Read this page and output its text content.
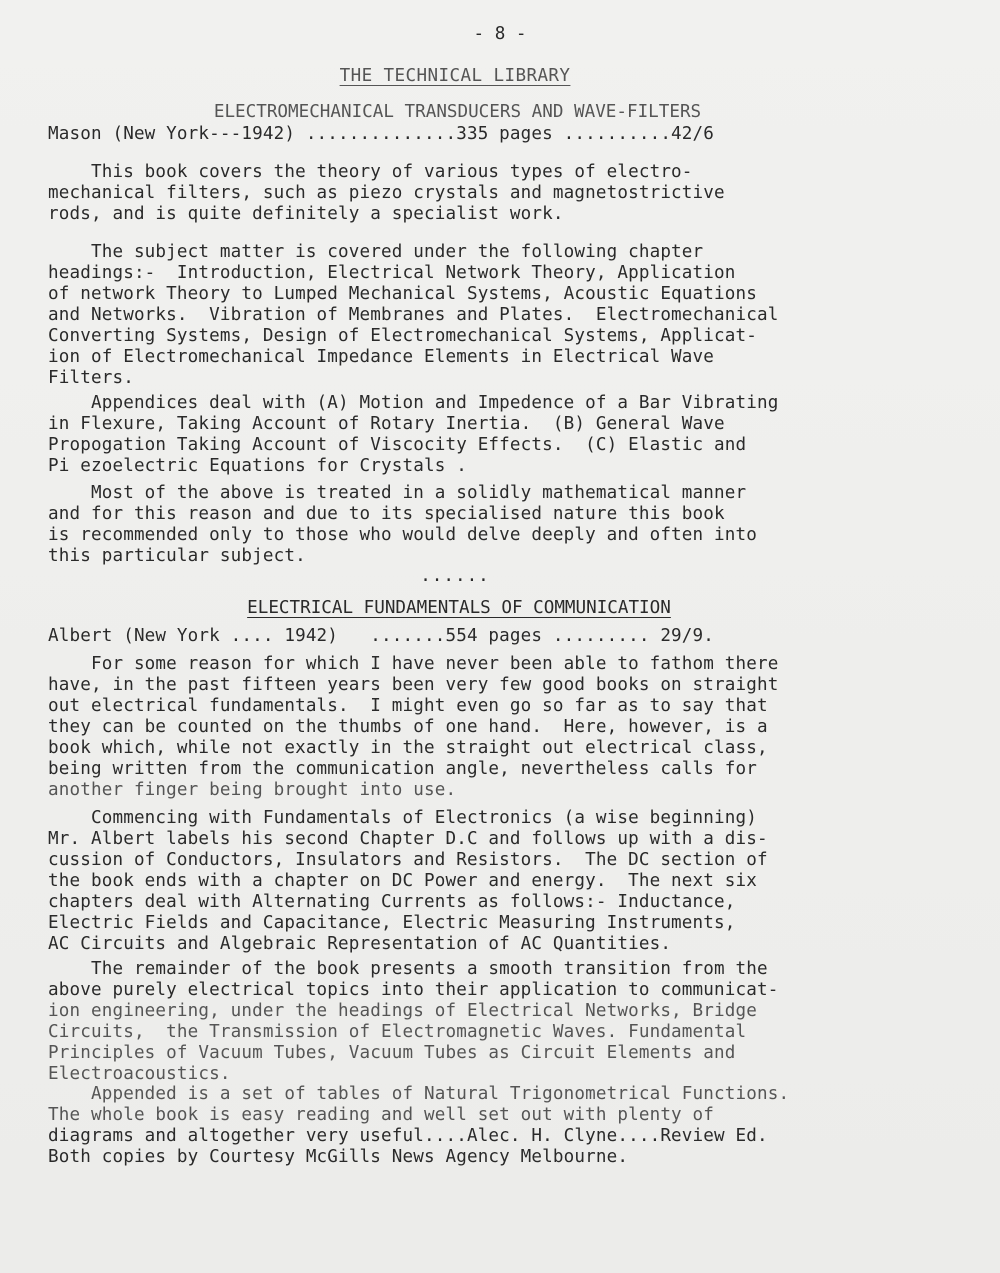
- 8 -
THE TECHNICAL LIBRARY
ELECTROMECHANICAL TRANSDUCERS AND WAVE-FILTERS
Mason (New York---1942) ..............335 pages ..........42/6
This book covers the theory of various types of electro-
mechanical filters, such as piezo crystals and magnetostrictive
rods, and is quite definitely a specialist work.
The subject matter is covered under the following chapter
headings:-  Introduction, Electrical Network Theory, Application
of network Theory to Lumped Mechanical Systems, Acoustic Equations
and Networks.  Vibration of Membranes and Plates.  Electromechanical
Converting Systems, Design of Electromechanical Systems, Applicat-
ion of Electromechanical Impedance Elements in Electrical Wave
Filters.
Appendices deal with (A) Motion and Impedence of a Bar Vibrating
in Flexure, Taking Account of Rotary Inertia.  (B) General Wave
Propogation Taking Account of Viscocity Effects.  (C) Elastic and
Pi ezoelectric Equations for Crystals .
Most of the above is treated in a solidly mathematical manner
and for this reason and due to its specialised nature this book
is recommended only to those who would delve deeply and often into
this particular subject.
......
ELECTRICAL FUNDAMENTALS OF COMMUNICATION
Albert (New York .... 1942)   .......554 pages ......... 29/9.
For some reason for which I have never been able to fathom there
have, in the past fifteen years been very few good books on straight
out electrical fundamentals.  I might even go so far as to say that
they can be counted on the thumbs of one hand.  Here, however, is a
book which, while not exactly in the straight out electrical class,
being written from the communication angle, nevertheless calls for
another finger being brought into use.
Commencing with Fundamentals of Electronics (a wise beginning)
Mr. Albert labels his second Chapter D.C and follows up with a dis-
cussion of Conductors, Insulators and Resistors.  The DC section of
the book ends with a chapter on DC Power and energy.  The next six
chapters deal with Alternating Currents as follows:- Inductance,
Electric Fields and Capacitance, Electric Measuring Instruments,
AC Circuits and Algebraic Representation of AC Quantities.
The remainder of the book presents a smooth transition from the
above purely electrical topics into their application to communicat-
ion engineering, under the headings of Electrical Networks, Bridge
Circuits,  the Transmission of Electromagnetic Waves. Fundamental
Principles of Vacuum Tubes, Vacuum Tubes as Circuit Elements and
Electroacoustics.
Appended is a set of tables of Natural Trigonometrical Functions.
The whole book is easy reading and well set out with plenty of
diagrams and altogether very useful....Alec. H. Clyne....Review Ed.
Both copies by Courtesy McGills News Agency Melbourne.
